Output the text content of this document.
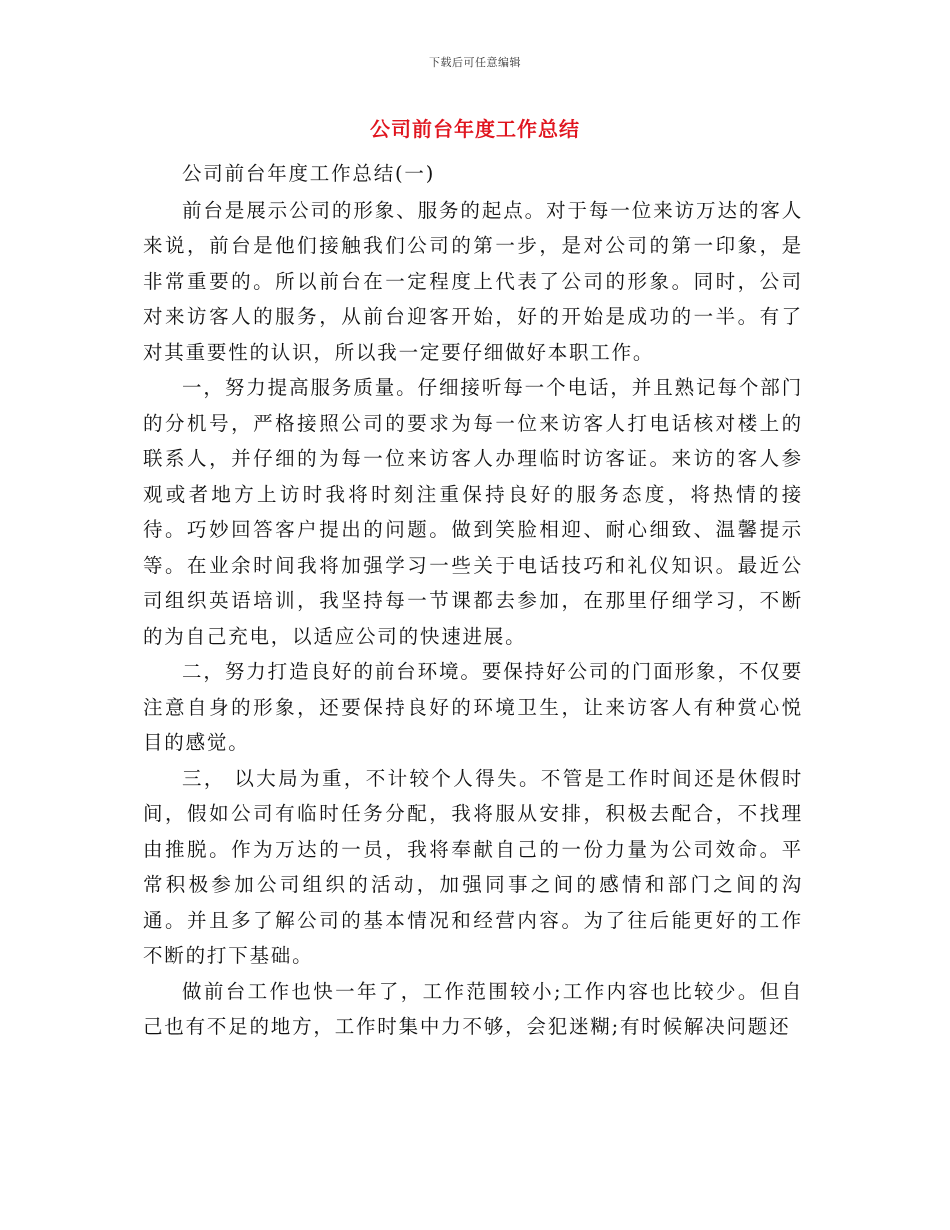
下载后可任意编辑
公司前台年度工作总结

公司前台年度工作总结(一)

前台是展示公司的形象、服务的起点。对于每一位来访万达的客人来说，前台是他们接触我们公司的第一步，是对公司的第一印象，是非常重要的。所以前台在一定程度上代表了公司的形象。同时，公司对来访客人的服务，从前台迎客开始，好的开始是成功的一半。有了对其重要性的认识，所以我一定要仔细做好本职工作。

一，努力提高服务质量。仔细接听每一个电话，并且熟记每个部门的分机号，严格接照公司的要求为每一位来访客人打电话核对楼上的联系人，并仔细的为每一位来访客人办理临时访客证。来访的客人参观或者地方上访时我将时刻注重保持良好的服务态度，将热情的接待。巧妙回答客户提出的问题。做到笑脸相迎、耐心细致、温馨提示等。在业余时间我将加强学习一些关于电话技巧和礼仪知识。最近公司组织英语培训，我坚持每一节课都去参加，在那里仔细学习，不断的为自己充电，以适应公司的快速进展。

二，努力打造良好的前台环境。要保持好公司的门面形象，不仅要注意自身的形象，还要保持良好的环境卫生，让来访客人有种赏心悦目的感觉。

三， 以大局为重，不计较个人得失。不管是工作时间还是休假时间，假如公司有临时任务分配，我将服从安排，积极去配合，不找理由推脱。作为万达的一员，我将奉献自己的一份力量为公司效命。平常积极参加公司组织的活动，加强同事之间的感情和部门之间的沟通。并且多了解公司的基本情况和经营内容。为了往后能更好的工作不断的打下基础。

做前台工作也快一年了，工作范围较小;工作内容也比较少。但自己也有不足的地方，工作时集中力不够，会犯迷糊;有时候解决问题还
